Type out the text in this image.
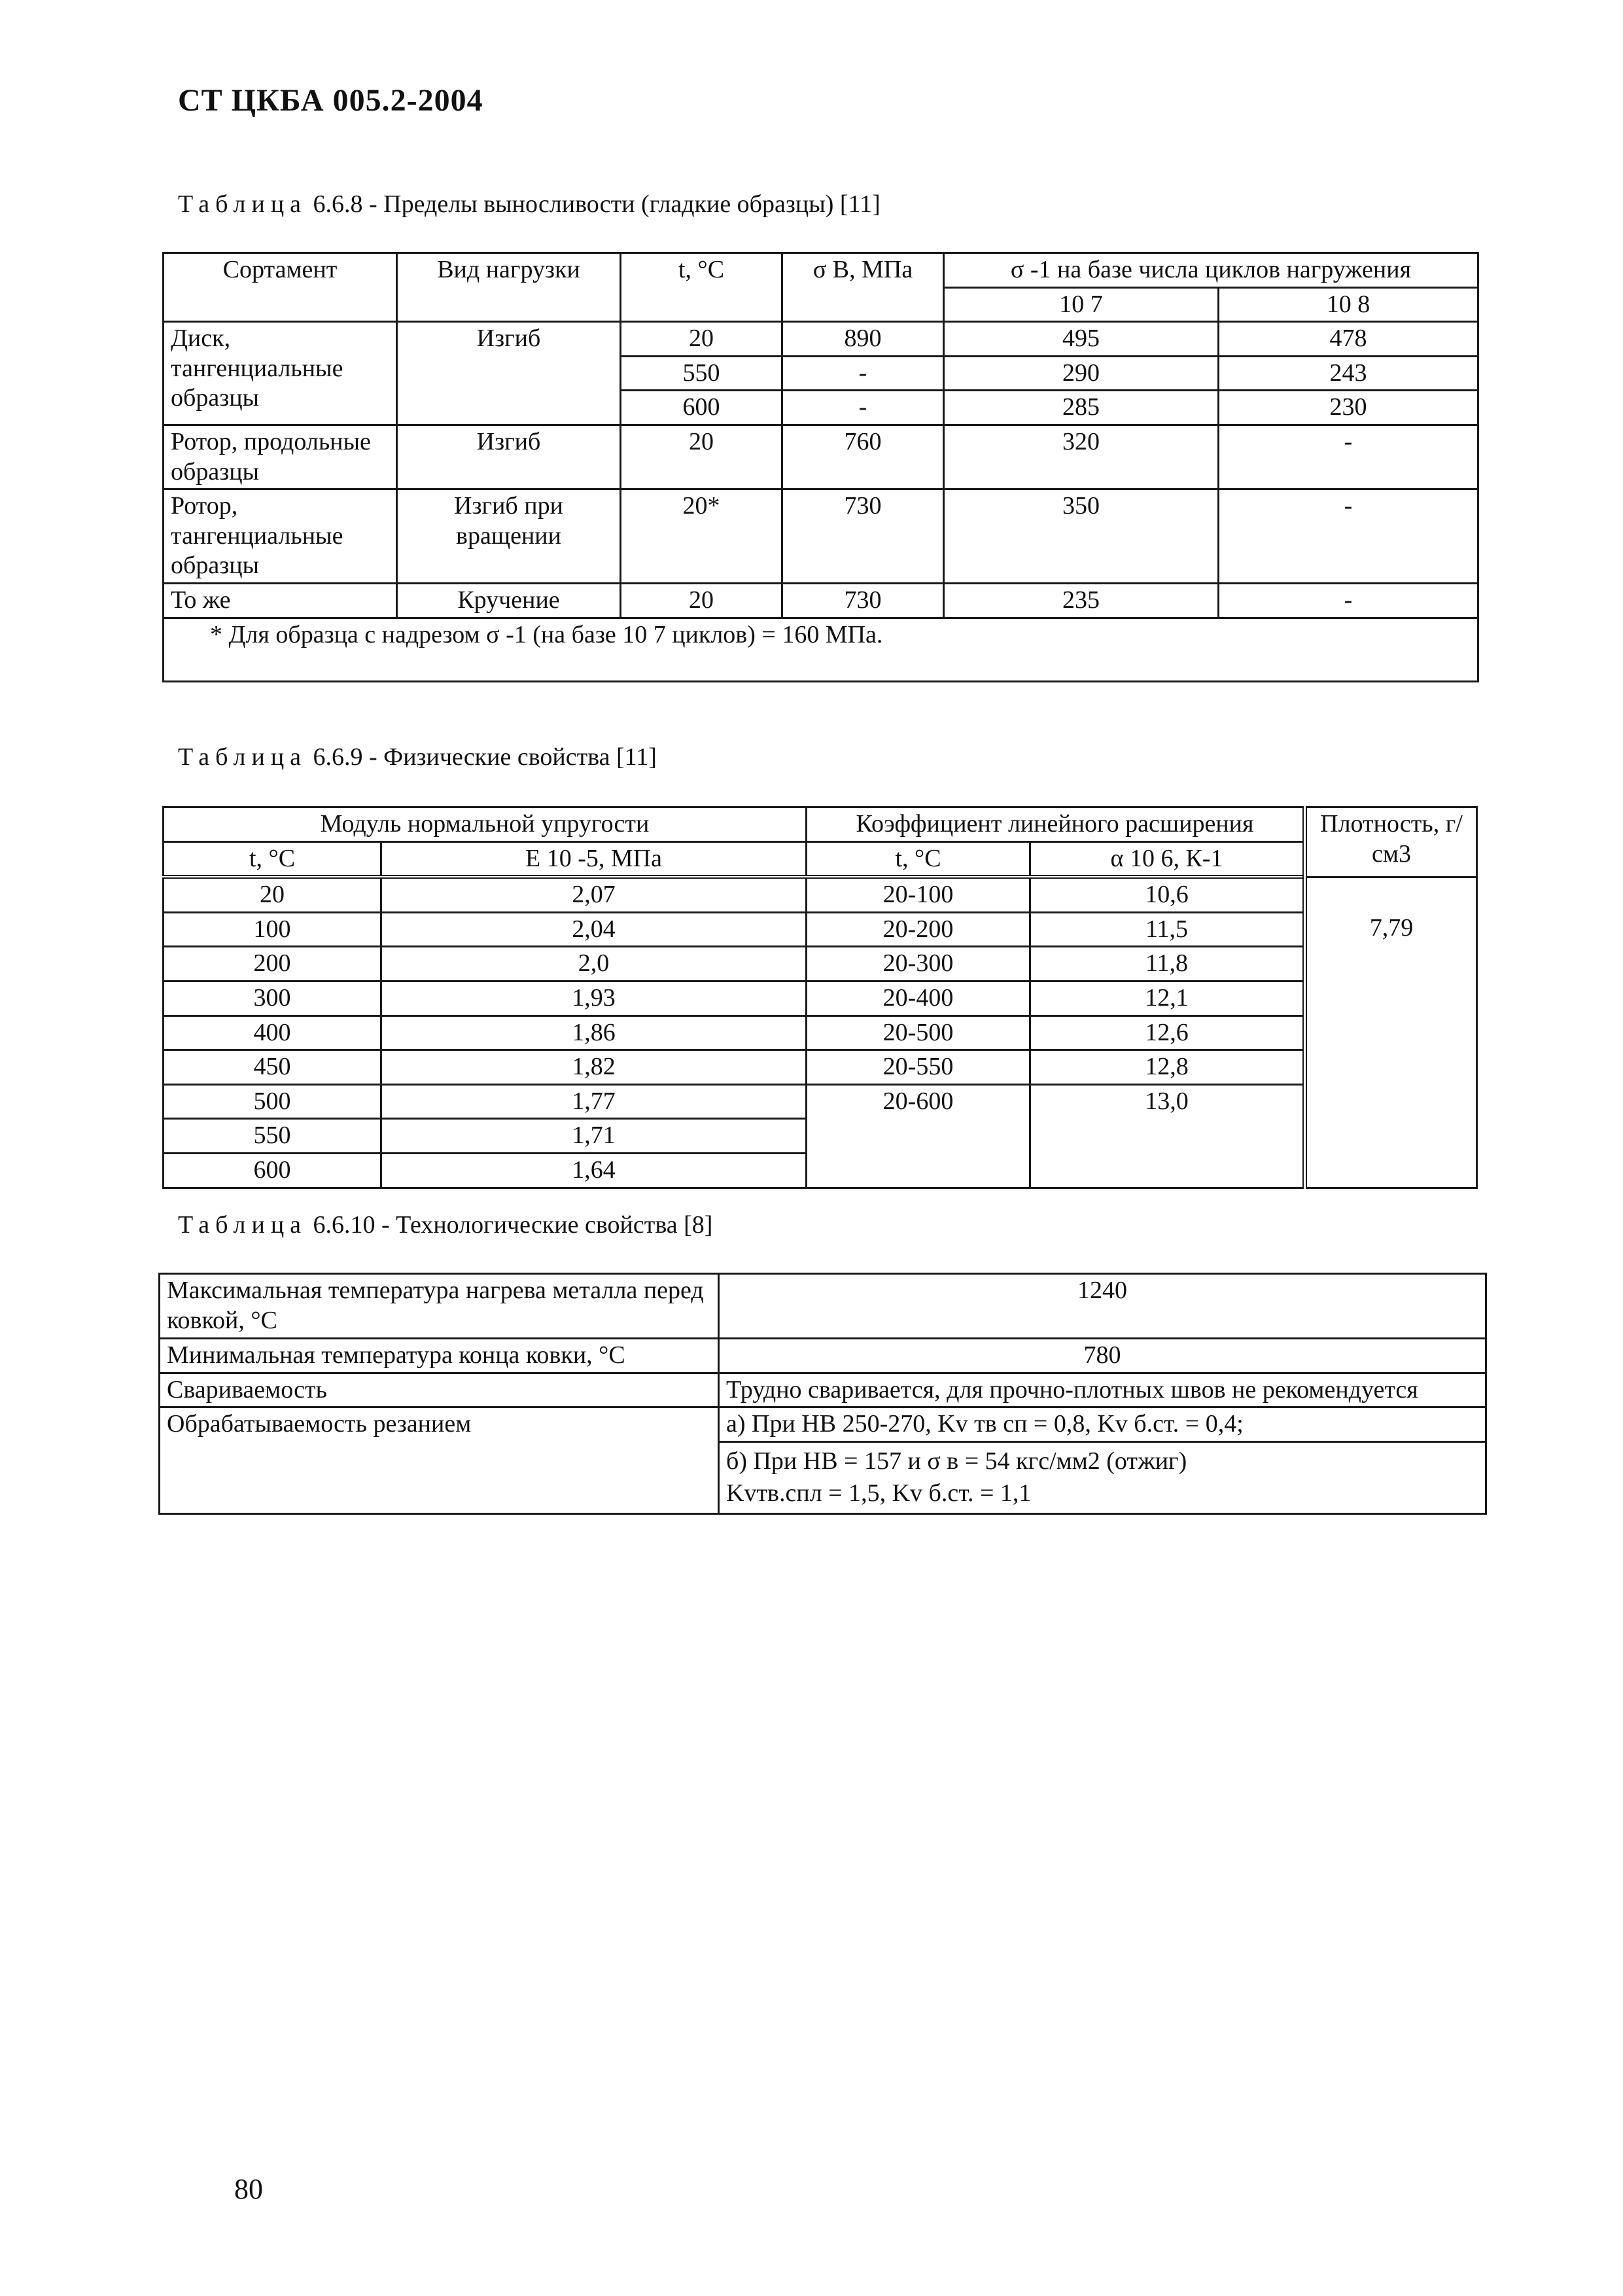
СТ ЦКБА 005.2-2004
Таблица 6.6.8 - Пределы выносливости (гладкие образцы) [11]
Сортамент	Вид нагрузки	t, °C	σ В, МПа	σ -1 на базе числа циклов нагружения	
				10 7	10 8
Диск, тангенциальные образцы	Изгиб	20	890	495	478
		550	-	290	243
		600	-	285	230
Ротор, продольные образцы	Изгиб	20	760	320	-
Ротор, тангенциальные образцы	Изгиб при вращении	20*	730	350	-
То же	Кручение	20	730	235	-
* Для образца с надрезом σ -1 (на базе 10 7 циклов) = 160 МПа.					
Таблица 6.6.9 - Физические свойства [11]
Модуль нормальной упругости		Коэффициент линейного расширения		Плотность, г/см3
t, °C	E 10 -5, МПа	t, °C	α 10 6, К-1	
20	2,07	20-100	10,6	
100	2,04	20-200	11,5	7,79
200	2,0	20-300	11,8	
300	1,93	20-400	12,1	
400	1,86	20-500	12,6	
450	1,82	20-550	12,8	
500	1,77	20-600	13,0	
550	1,71			
600	1,64			
Таблица 6.6.10 - Технологические свойства [8]
Максимальная температура нагрева металла перед ковкой, °C	1240
Минимальная температура конца ковки, °C	780
Свариваемость	Трудно сваривается, для прочно-плотных швов не рекомендуется
Обрабатываемость резанием	а) При HB 250-270, Kv тв сп = 0,8, Kv б.ст. = 0,4;
б) При HB = 157 и σ в = 54 кгс/мм2 (отжиг)
Kvтв.спл = 1,5, Kv б.ст. = 1,1
80
